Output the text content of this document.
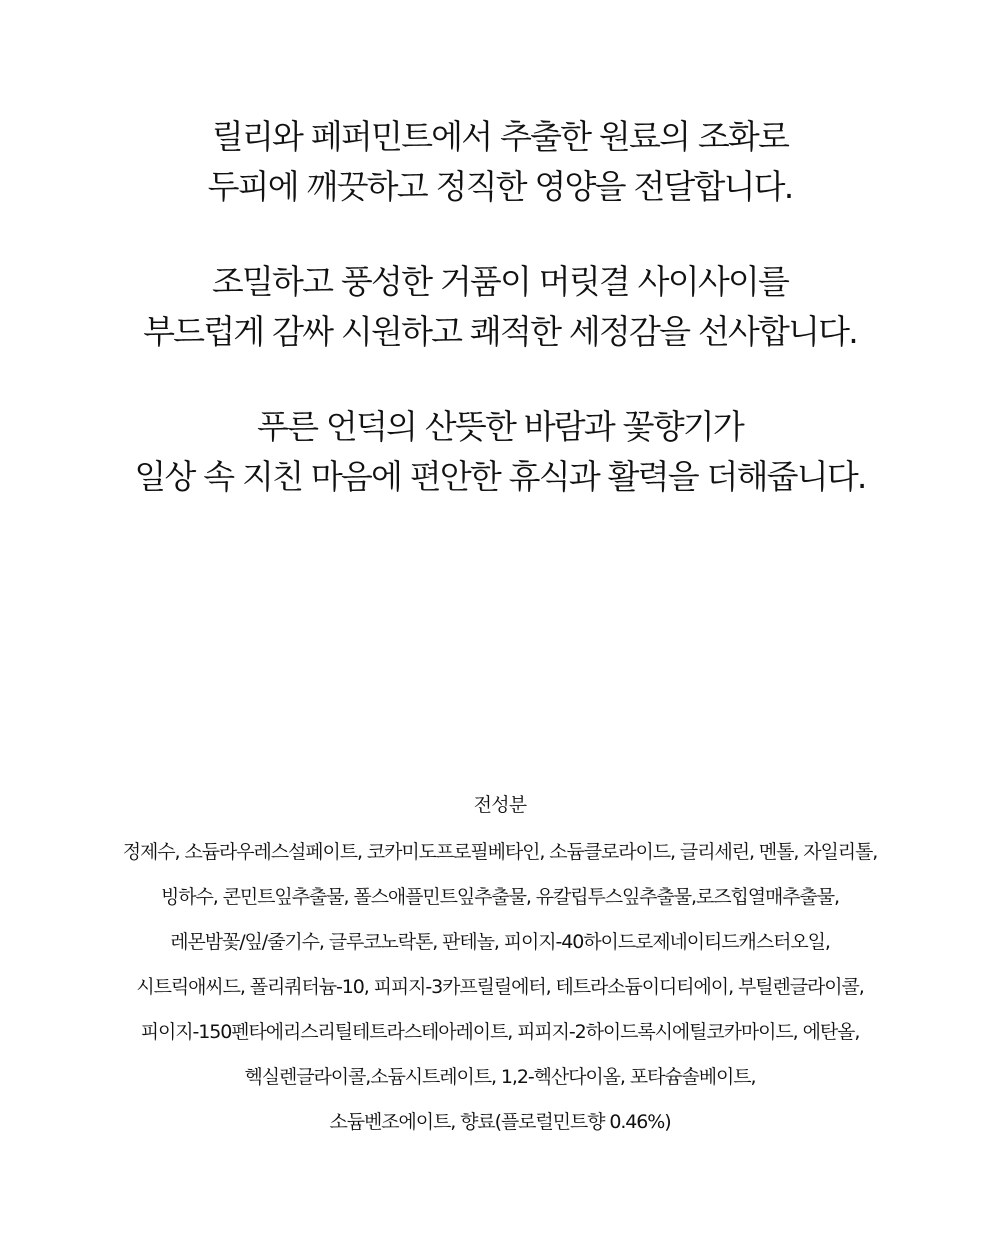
릴리와 페퍼민트에서 추출한 원료의 조화로
두피에 깨끗하고 정직한 영양을 전달합니다.

조밀하고 풍성한 거품이 머릿결 사이사이를
부드럽게 감싸 시원하고 쾌적한 세정감을 선사합니다.

푸른 언덕의 산뜻한 바람과 꽃향기가
일상 속 지친 마음에 편안한 휴식과 활력을 더해줍니다.

전성분
정제수, 소듐라우레스설페이트, 코카미도프로필베타인, 소듐클로라이드, 글리세린, 멘톨, 자일리톨,
빙하수, 콘민트잎추출물, 폴스애플민트잎추출물, 유칼립투스잎추출물,로즈힙열매추출물,
레몬밤꽃/잎/줄기수, 글루코노락톤, 판테놀, 피이지-40하이드로제네이티드캐스터오일,
시트릭애씨드, 폴리쿼터늄-10, 피피지-3카프릴릴에터, 테트라소듐이디티에이, 부틸렌글라이콜,
피이지-150펜타에리스리틸테트라스테아레이트, 피피지-2하이드록시에틸코카마이드, 에탄올,
헥실렌글라이콜,소듐시트레이트, 1,2-헥산다이올, 포타슘솔베이트,
소듐벤조에이트, 향료(플로럴민트향 0.46%)
